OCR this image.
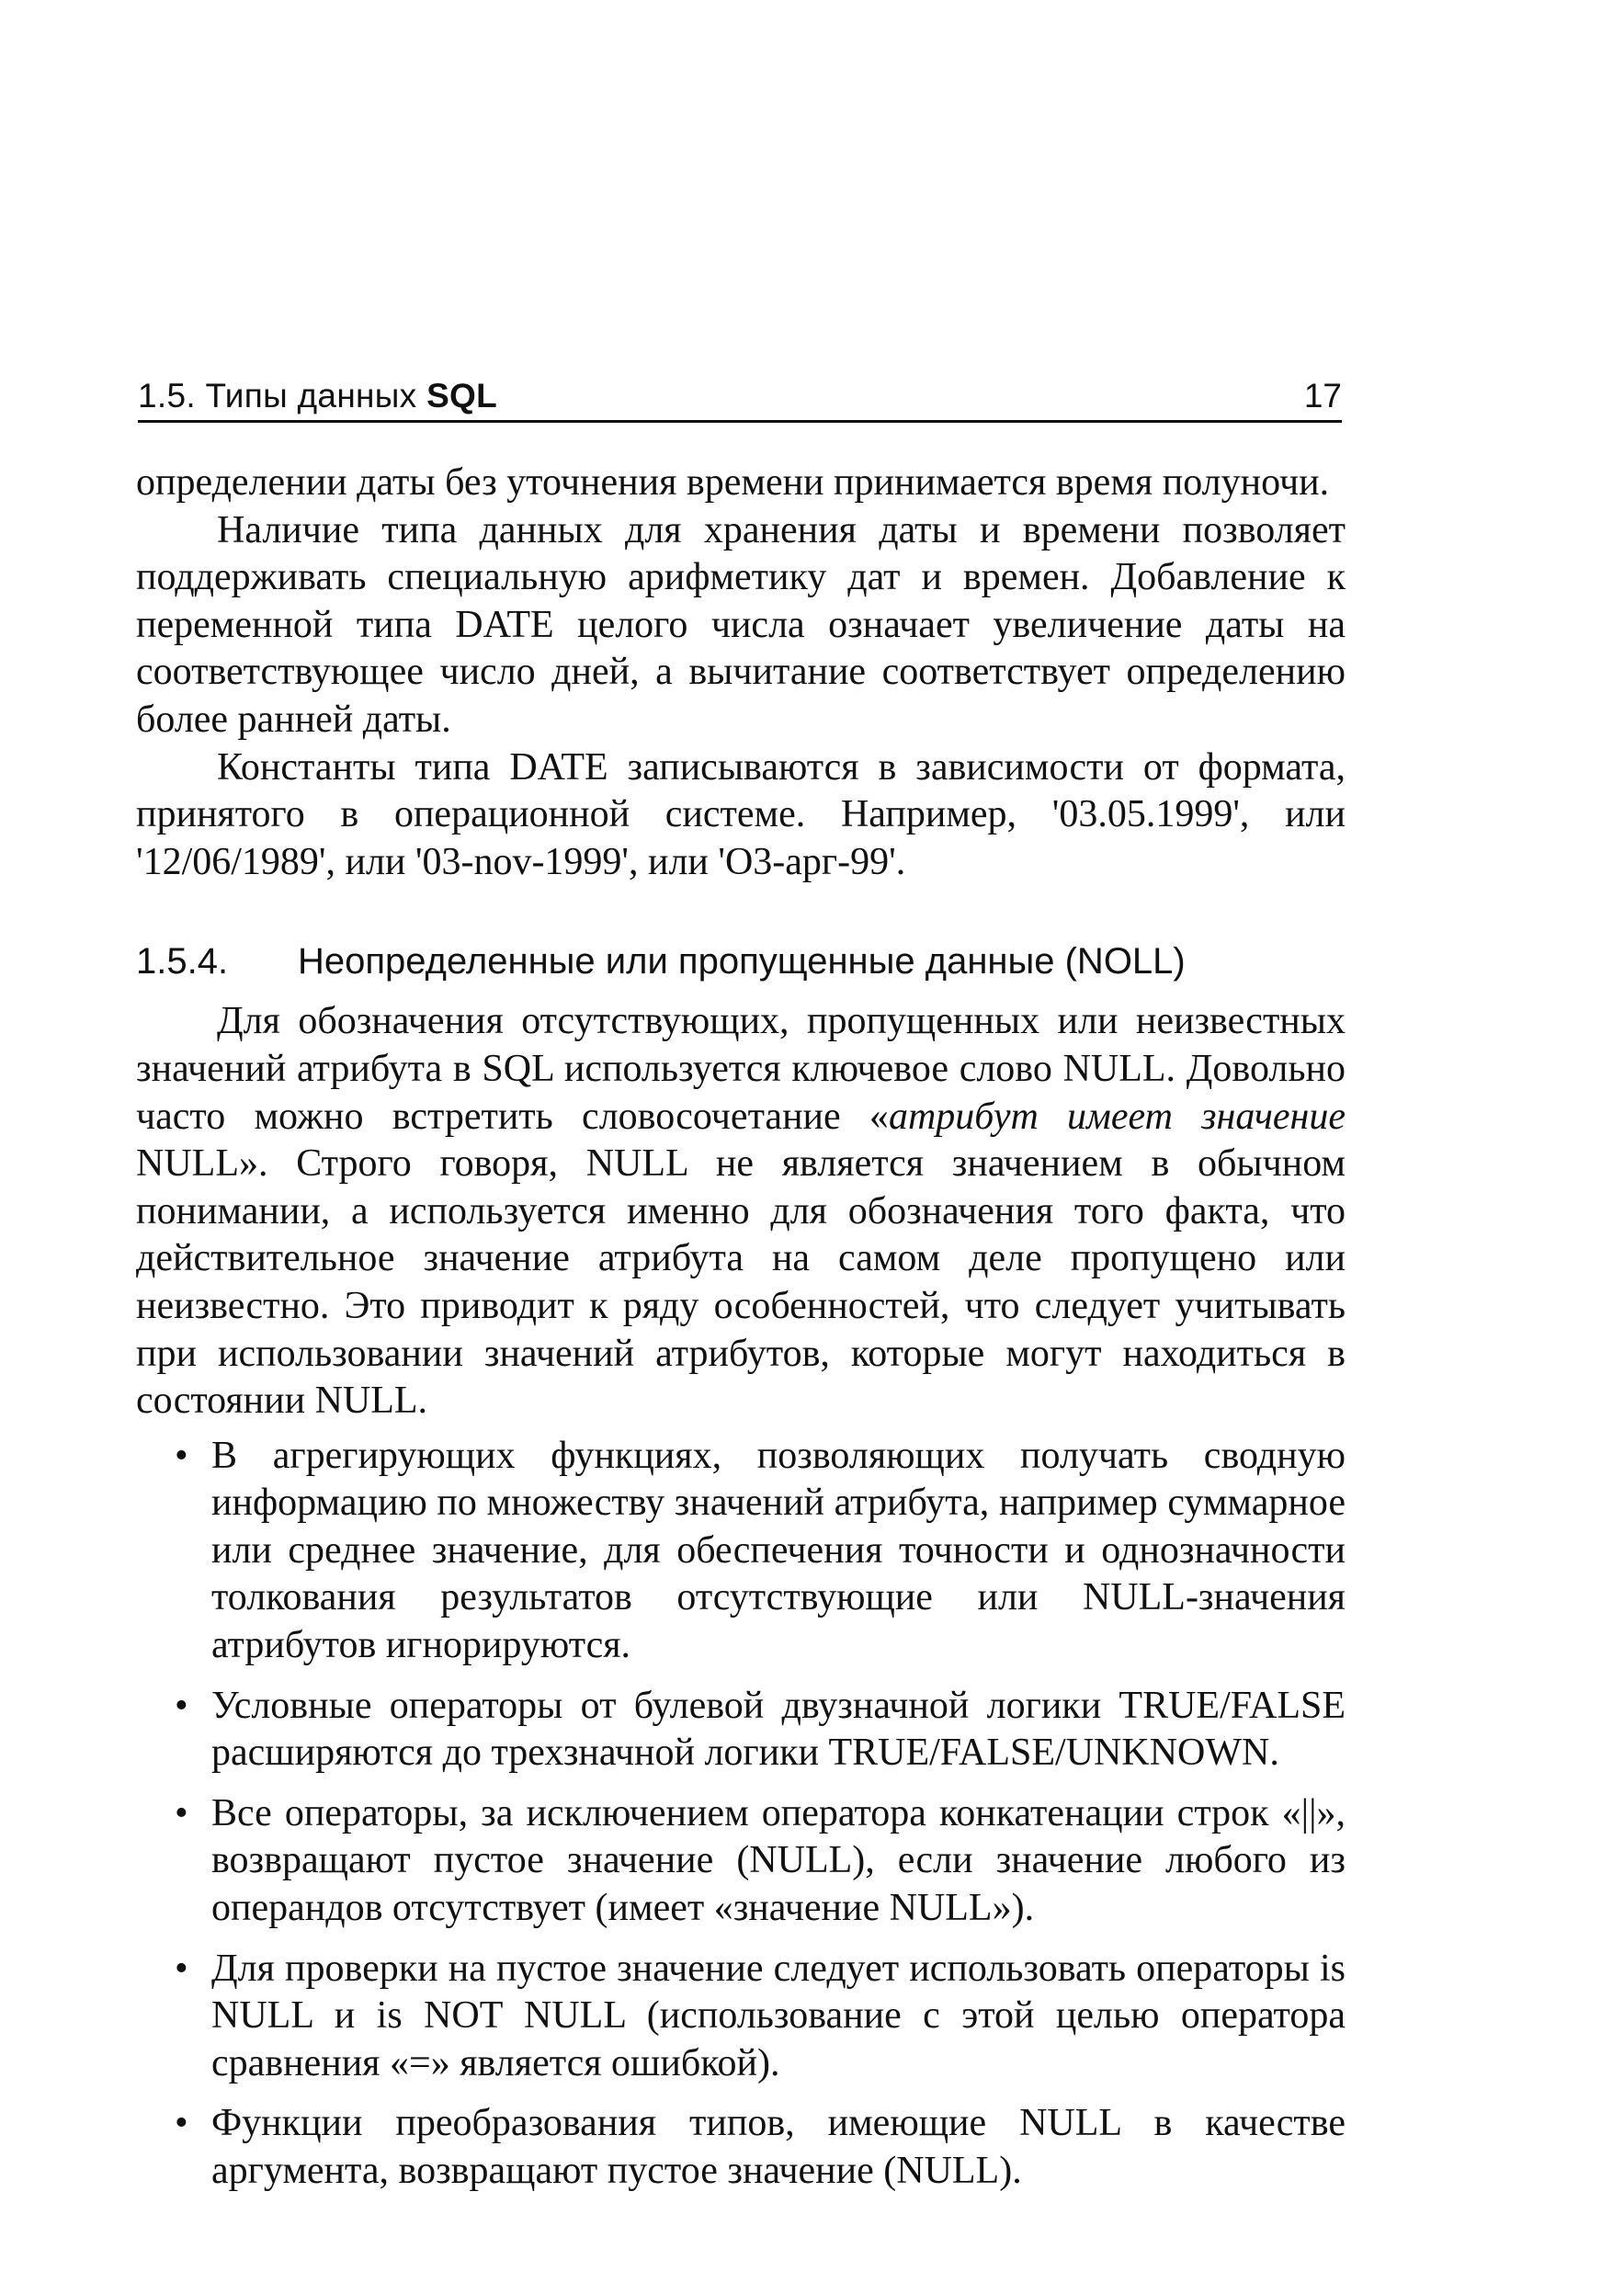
1.5. Типы данных SQL	17

определении даты без уточнения времени принимается время полуночи.

Наличие типа данных для хранения даты и времени позволяет поддерживать специальную арифметику дат и времен. Добавление к переменной типа DATE целого числа означает увеличение даты на соответствующее число дней, а вычитание соответствует определению более ранней даты.

Константы типа DATE записываются в зависимости от формата, принятого в операционной системе. Например, '03.05.1999', или '12/06/1989', или '03-nov-1999', или 'О3-арг-99'.

1.5.4. Неопределенные или пропущенные данные (NOLL)

Для обозначения отсутствующих, пропущенных или неизвестных значений атрибута в SQL используется ключевое слово NULL. Довольно часто можно встретить словосочетание «атрибут имеет значение NULL». Строго говоря, NULL не является значением в обычном понимании, а используется именно для обозначения того факта, что действительное значение атрибута на самом деле пропущено или неизвестно. Это приводит к ряду особенностей, что следует учитывать при использовании значений атрибутов, которые могут находиться в состоянии NULL.

• В агрегирующих функциях, позволяющих получать сводную информацию по множеству значений атрибута, например суммарное или среднее значение, для обеспечения точности и однозначности толкования результатов отсутствующие или NULL-значения атрибутов игнорируются.
• Условные операторы от булевой двузначной логики TRUE/FALSE расширяются до трехзначной логики TRUE/FALSE/UNKNOWN.
• Все операторы, за исключением оператора конкатенации строк «||», возвращают пустое значение (NULL), если значение любого из операндов отсутствует (имеет «значение NULL»).
• Для проверки на пустое значение следует использовать операторы is NULL и is NOT NULL (использование с этой целью оператора сравнения «=» является ошибкой).
• Функции преобразования типов, имеющие NULL в качестве аргумента, возвращают пустое значение (NULL).
